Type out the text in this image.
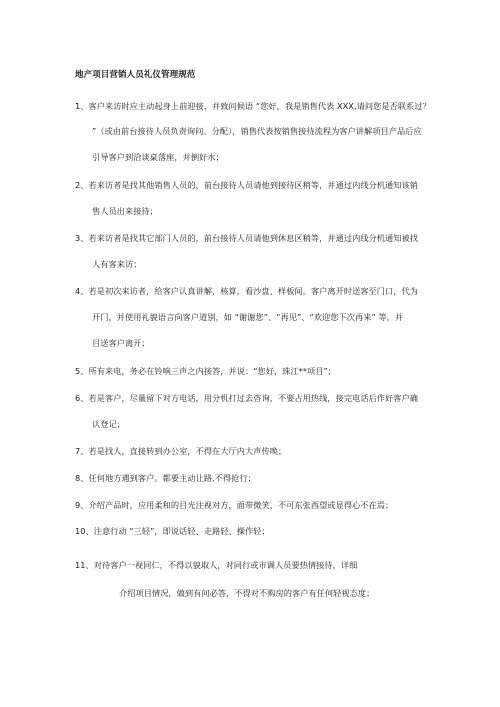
地产项目营销人员礼仪管理规范
1、客户来访时应主动起身上前迎接，并致问候语 “您好，我是销售代表 XXX,请问您是否联系过？
”（或由前台接待人员负责询问、分配），销售代表按销售接待流程为客户讲解项目产品后应
引导客户到洽谈桌落座，并倒好水；
2、若来访者是找其他销售人员的，前台接待人员请他到接待区稍等，并通过内线分机通知该销
售人员出来接待；
3、若来访者是找其它部门人员的，前台接待人员请他到休息区稍等，并通过内线分机通知被找
人有客来访；
4、若是初次来访者，给客户认真讲解，核算，看沙盘、样板间。客户离开时送客至门口，代为
开门，并使用礼貌语言向客户道别，如 “谢谢您”、“再见”、“欢迎您下次再来” 等，并
目送客户离开；
5、所有来电，务必在铃响三声之内接答，并说：“您好，珠江**项目”；
6、若是客户，尽量留下对方电话，用分机打过去咨询，不要占用热线，接完电话后作好客户确
认登记；
7、若是找人，直接转到办公室，不得在大厅内大声传唤；
8、任何地方遇到客户。都要主动让路,不得抢行；
9、介绍产品时，应用柔和的目光注视对方，面带微笑，不可东张西望或显得心不在焉；
10、注意行动 “三轻”，即说话轻、走路轻、操作轻；
11、对待客户一视同仁，不得以貌取人，对同行或市调人员要热情接待，详细
介绍项目情况，做到有问必答，不得对不购房的客户有任何轻视态度；
